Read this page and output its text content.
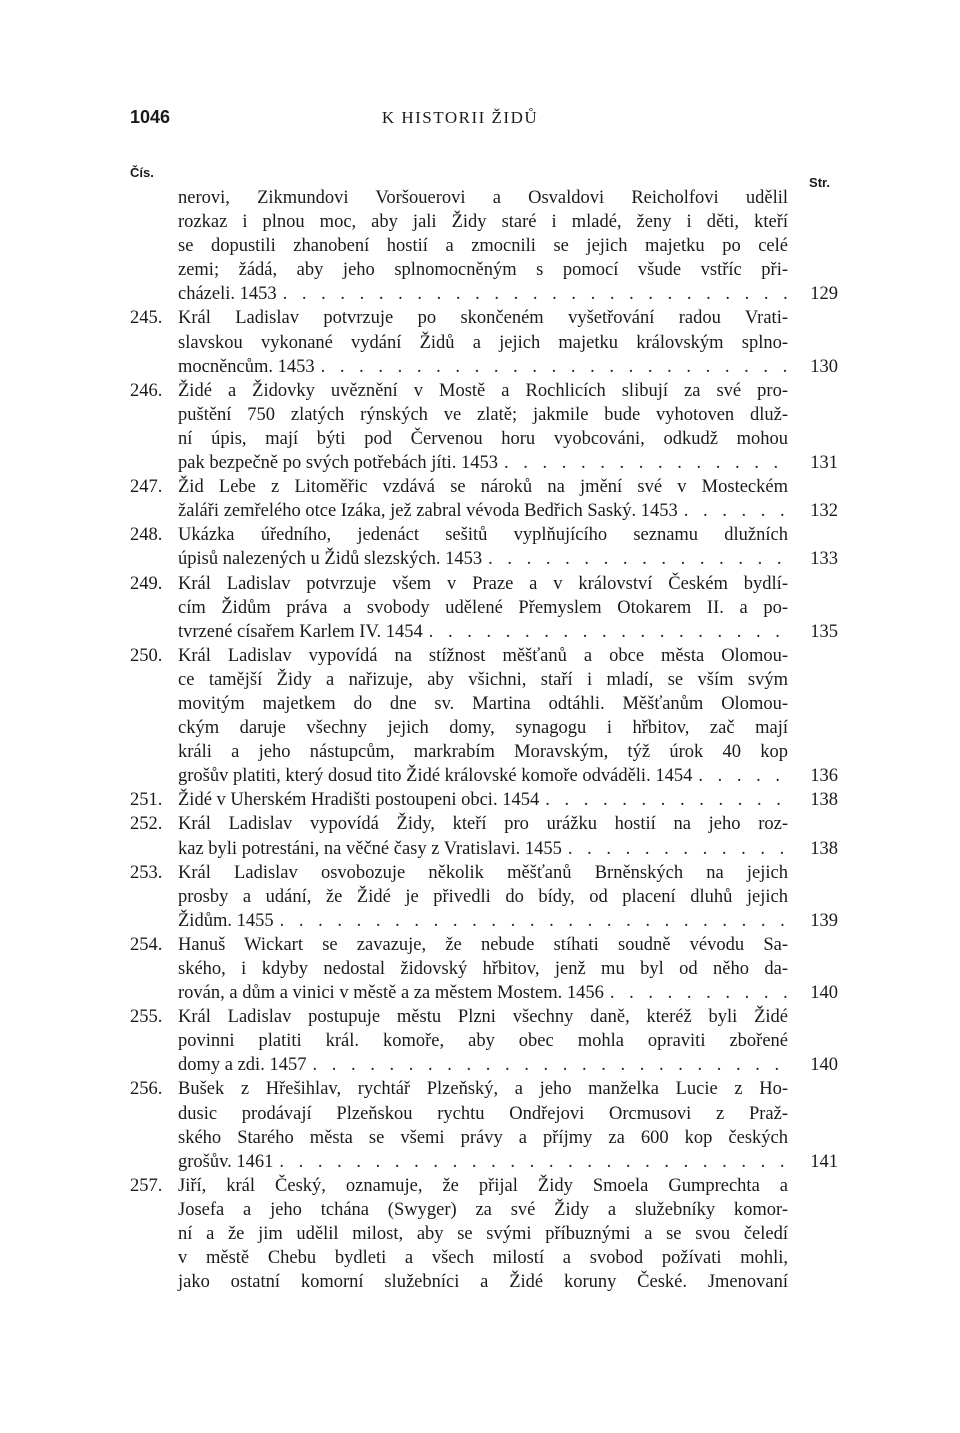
1046	K HISTORII ŽIDŮ
Čís.
Str.
nerovi, Zikmundovi Voršouerovi a Osvaldovi Reicholfovi udělil
rozkaz i plnou moc, aby jali Židy staré i mladé, ženy i děti, kteří
se dopustili zhanobení hostií a zmocnili se jejich majetku po celé
zemi; žádá, aby jeho splnomocněným s pomocí všude vstříc při-
cházeli. 1453 . . .	129
245. Král Ladislav potvrzuje po skončeném vyšetřování radou Vrati-
slavskou vykonané vydání Židů a jejich majetku královským splno-
mocněncům. 1453 . . .	130
246. Židé a Židovky uvěznění v Mostě a Rochlicích slibují za své pro-
puštění 750 zlatých rýnských ve zlatě; jakmile bude vyhotoven dluž-
ní úpis, mají býti pod Červenou horu vyobcováni, odkudž mohou
pak bezpečně po svých potřebách jíti. 1453 . . .	131
247. Žid Lebe z Litoměřic vzdává se nároků na jmění své v Mosteckém
žaláři zemřelého otce Izáka, jež zabral vévoda Bedřich Saský. 1453 . . .	132
248. Ukázka úředního, jedenáct sešitů vyplňujícího seznamu dlužních
úpisů nalezených u Židů slezských. 1453 . . .	133
249. Král Ladislav potvrzuje všem v Praze a v království Českém bydlí-
cím Židům práva a svobody udělené Přemyslem Otokarem II. a po-
tvrzené císařem Karlem IV. 1454 . . .	135
250. Král Ladislav vypovídá na stížnost měšťanů a obce města Olomou-
ce tamější Židy a nařizuje, aby všichni, staří i mladí, se vším svým
movitým majetkem do dne sv. Martina odtáhli. Měšťanům Olomou-
ckým daruje všechny jejich domy, synagogu i hřbitov, zač mají
králi a jeho nástupcům, markrabím Moravským, týž úrok 40 kop
grošův platiti, který dosud tito Židé královské komoře odváděli. 1454 . . .	136
251. Židé v Uherském Hradišti postoupeni obci. 1454 . . .	138
252. Král Ladislav vypovídá Židy, kteří pro urážku hostií na jeho roz-
kaz byli potrestáni, na věčné časy z Vratislavi. 1455 . . .	138
253. Král Ladislav osvobozuje několik měšťanů Brněnských na jejich
prosby a udání, že Židé je přivedli do bídy, od placení dluhů jejich
Židům. 1455 . . .	139
254. Hanuš Wickart se zavazuje, že nebude stíhati soudně vévodu Sa-
ského, i kdyby nedostal židovský hřbitov, jenž mu byl od něho da-
rován, a dům a vinici v městě a za městem Mostem. 1456 . . .	140
255. Král Ladislav postupuje městu Plzni všechny daně, kteréž byli Židé
povinni platiti král. komoře, aby obec mohla opraviti zbořené
domy a zdi. 1457 . . .	140
256. Bušek z Hřešihlav, rychtář Plzeňský, a jeho manželka Lucie z Ho-
dusic prodávají Plzeňskou rychtu Ondřejovi Orcmusovi z Praž-
ského Starého města se všemi právy a příjmy za 600 kop českých
grošův. 1461 . . .	141
257. Jiří, král Český, oznamuje, že přijal Židy Smoela Gumprechta a
Josefa a jeho tchána (Swyger) za své Židy a služebníky komor-
ní a že jim udělil milost, aby se svými příbuznými a se svou čeledí
v městě Chebu bydleti a všech milostí a svobod požívati mohli,
jako ostatní komorní služebníci a Židé koruny České. Jmenovaní
